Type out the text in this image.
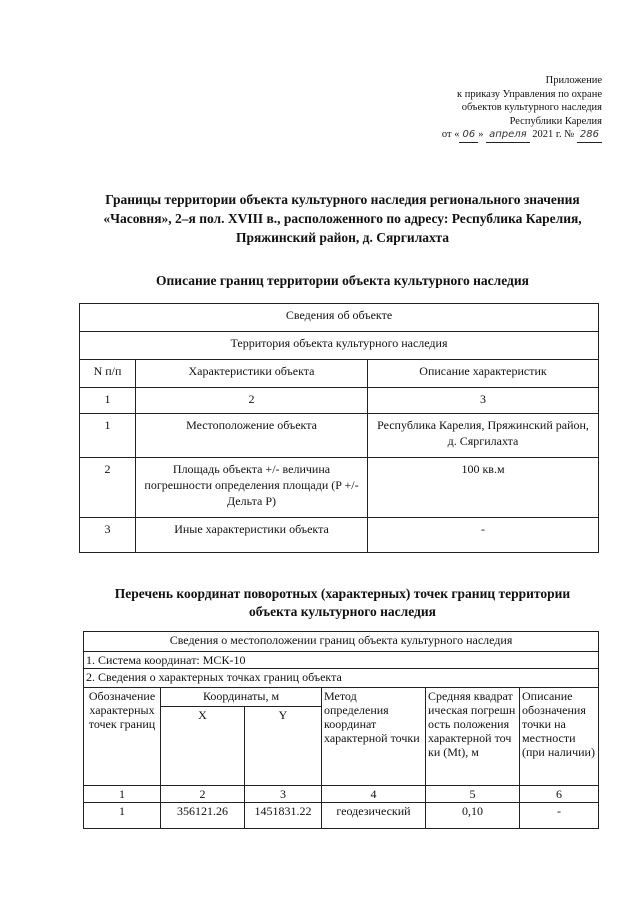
Приложение
к приказу Управления по охране
объектов культурного наследия
Республики Карелия
от « 06 » апреля 2021 г. № 286
Границы территории объекта культурного наследия регионального значения
«Часовня», 2–я пол. XVIII в., расположенного по адресу: Республика Карелия,
Пряжинский район, д. Сяргилахта
Описание границ территории объекта культурного наследия
Сведения об объекте		
Территория объекта культурного наследия		
N п/п	Характеристики объекта	Описание характеристик
1	2	3
1	Местоположение объекта	Республика Карелия, Пряжинский район, д. Сяргилахта
2	Площадь объекта +/- величина погрешности определения площади (P +/- Дельта P)	100 кв.м
3	Иные характеристики объекта	-
Перечень координат поворотных (характерных) точек границ территории
объекта культурного наследия
Сведения о местоположении границ объекта культурного наследия					
1. Система координат: МСК-10					
2. Сведения о характерных точках границ объекта					
Обозначение характерных точек границ	Координаты, м		Метод определения координат характерной точки	Средняя квадратическая погрешность положения характерной точки (Mt), м	Описание обозначения точки на местности (при наличии)
	X	Y			
1	2	3	4	5	6
1	356121.26	1451831.22	геодезический	0,10	-
